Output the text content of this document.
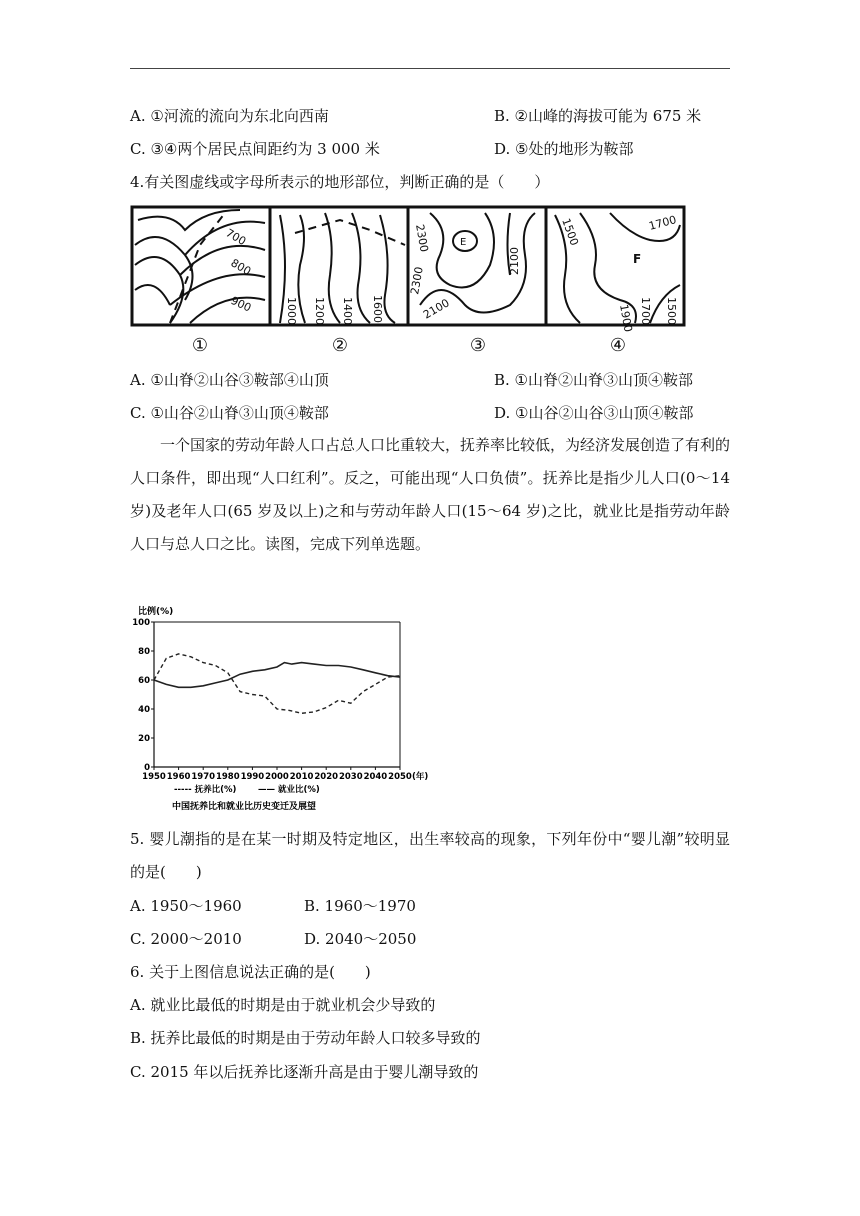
A. ①河流的流向为东北向西南	B. ②山峰的海拔可能为 675 米
C. ③④两个居民点间距约为 3 000 米	D. ⑤处的地形为鞍部
4.有关图虚线或字母所表示的地形部位，判断正确的是（　　）
700
800
900	1000 1200 1400 1600
2300	E
2100
2300
2100
1500	1700
F
1900 1700 1500
①	②	③	④
A. ①山脊②山谷③鞍部④山顶	B. ①山脊②山脊③山顶④鞍部
C. ①山谷②山脊③山顶④鞍部	D. ①山谷②山谷③山顶④鞍部
一个国家的劳动年龄人口占总人口比重较大，抚养率比较低，为经济发展创造了有利的人口条件，即出现“人口红利”。反之，可能出现“人口负债”。抚养比是指少儿人口(0～14 岁)及老年人口(65 岁及以上)之和与劳动年龄人口(15～64 岁)之比，就业比是指劳动年龄人口与总人口之比。读图，完成下列单选题。
比例(%)
0
20
40
60
80
100
1950 1960 1970 1980 1990 2000 2010 2020 2030 2040 2050 (年)
----- 抚养比(%)	—— 就业比(%)
中国抚养比和就业比历史变迁及展望
5. 婴儿潮指的是在某一时期及特定地区，出生率较高的现象，下列年份中“婴儿潮”较明显的是(　　)
A. 1950～1960	B. 1960～1970
C. 2000～2010	D. 2040～2050
6. 关于上图信息说法正确的是(　　)
A. 就业比最低的时期是由于就业机会少导致的
B. 抚养比最低的时期是由于劳动年龄人口较多导致的
C. 2015 年以后抚养比逐渐升高是由于婴儿潮导致的
